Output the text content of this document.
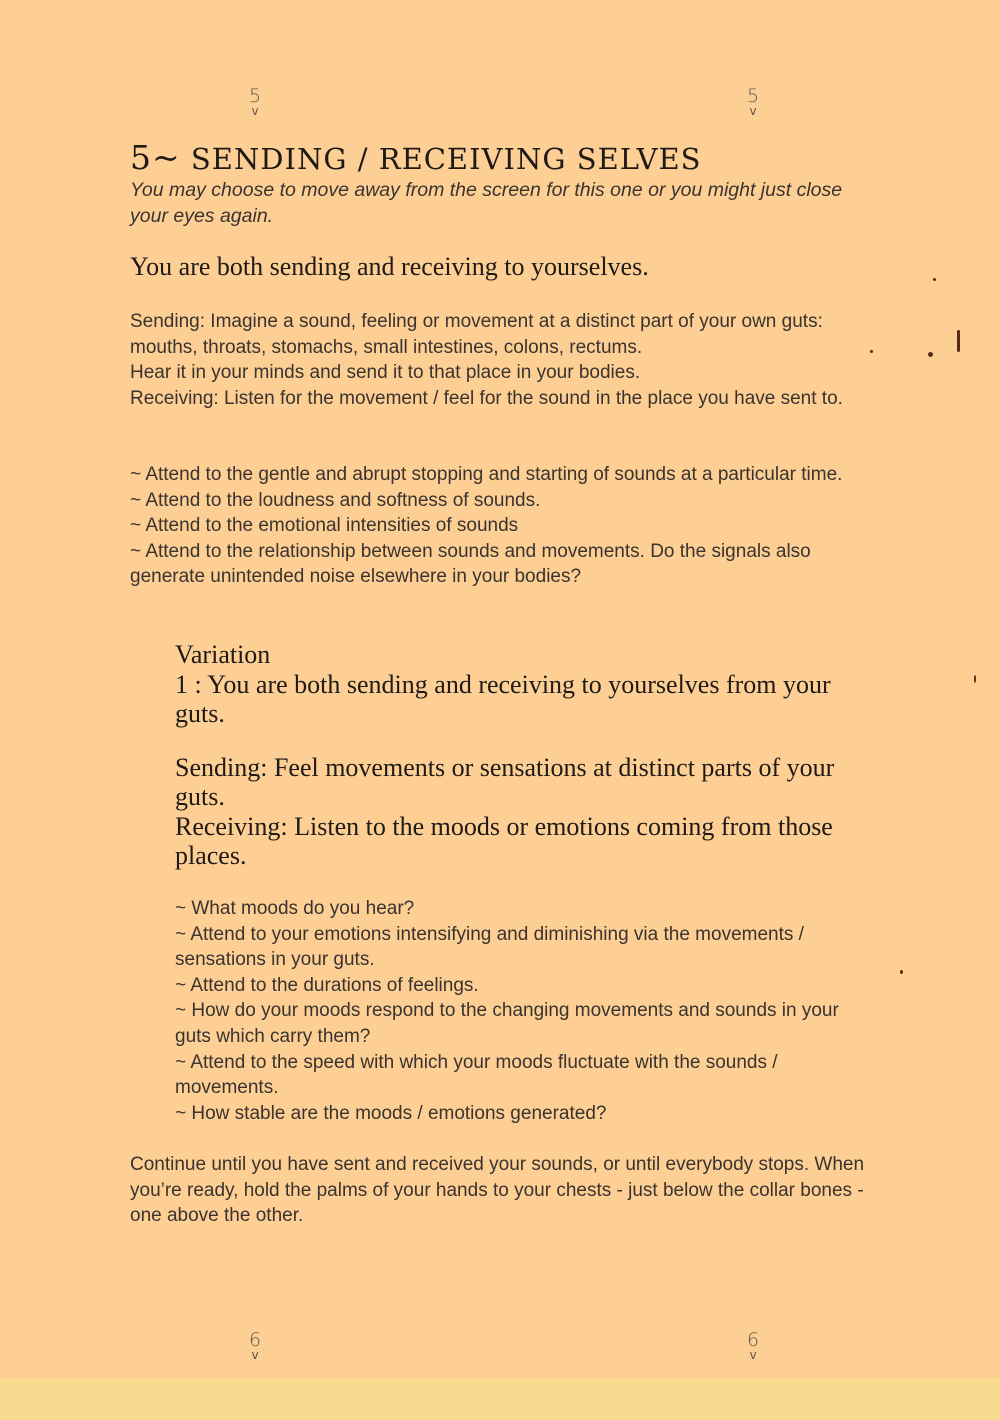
5
v
5
v
5~ SENDING / RECEIVING SELVES
You may choose to move away from the screen for this one or you might just close your eyes again.
You are both sending and receiving to yourselves.

Sending: Imagine a sound, feeling or movement at a distinct part of your own guts: mouths, throats, stomachs, small intestines, colons, rectums.

Hear it in your minds and send it to that place in your bodies.

Receiving: Listen for the movement / feel for the sound in the place you have sent to.

~ Attend to the gentle and abrupt stopping and starting of sounds at a particular time.

~ Attend to the loudness and softness of sounds.

~ Attend to the emotional intensities of sounds

~ Attend to the relationship between sounds and movements. Do the signals also generate unintended noise elsewhere in your bodies?

Variation

1 : You are both sending and receiving to yourselves from your guts.

Sending: Feel movements or sensations at distinct parts of your guts.

Receiving: Listen to the moods or emotions coming from those places.

~ What moods do you hear?

~ Attend to your emotions intensifying and diminishing via the movements / sensations in your guts.

~ Attend to the durations of feelings.

~ How do your moods respond to the changing movements and sounds in your guts which carry them?

~ Attend to the speed with which your moods fluctuate with the sounds / movements.

~ How stable are the moods / emotions generated?

Continue until you have sent and received your sounds, or until everybody stops. When you’re ready, hold the palms of your hands to your chests - just below the collar bones - one above the other.
6
v
6
v
